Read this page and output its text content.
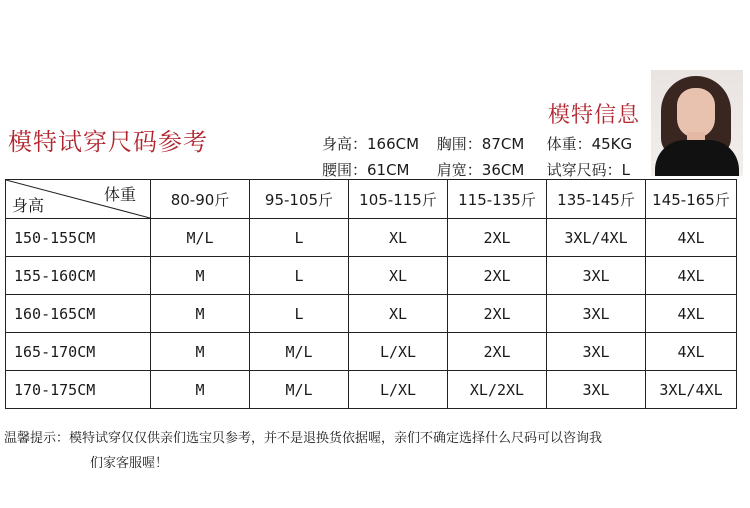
模特试穿尺码参考
模特信息
身高：166CM 胸围：87CM 体重：45KG
腰围：61CM 肩宽：36CM 试穿尺码：L
体重
身高	80-90斤	95-105斤	105-115斤	115-135斤	135-145斤	145-165斤
150-155CM	M/L	L	XL	2XL	3XL/4XL	4XL
155-160CM	M	L	XL	2XL	3XL	4XL
160-165CM	M	L	XL	2XL	3XL	4XL
165-170CM	M	M/L	L/XL	2XL	3XL	4XL
170-175CM	M	M/L	L/XL	XL/2XL	3XL	3XL/4XL
温馨提示：模特试穿仅仅供亲们选宝贝参考，并不是退换货依据喔，亲们不确定选择什么尺码可以咨询我
们家客服喔！
